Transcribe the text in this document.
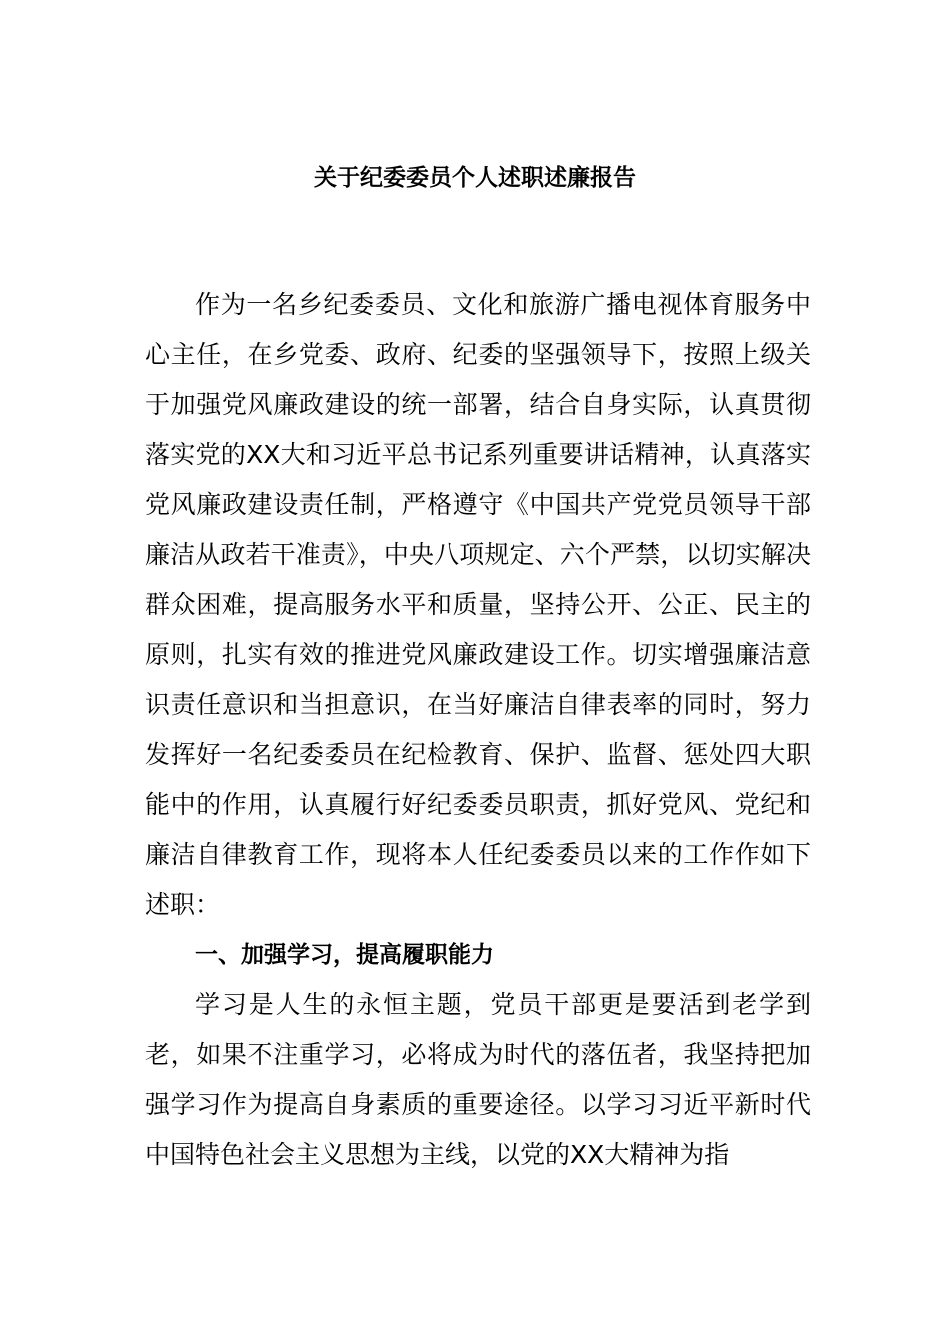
关于纪委委员个人述职述廉报告

作为一名乡纪委委员、文化和旅游广播电视体育服务中心主任，在乡党委、政府、纪委的坚强领导下，按照上级关于加强党风廉政建设的统一部署，结合自身实际，认真贯彻落实党的XX大和习近平总书记系列重要讲话精神，认真落实党风廉政建设责任制，严格遵守《中国共产党党员领导干部廉洁从政若干准责》，中央八项规定、六个严禁，以切实解决群众困难，提高服务水平和质量，坚持公开、公正、民主的原则，扎实有效的推进党风廉政建设工作。切实增强廉洁意识责任意识和当担意识，在当好廉洁自律表率的同时，努力发挥好一名纪委委员在纪检教育、保护、监督、惩处四大职能中的作用，认真履行好纪委委员职责，抓好党风、党纪和廉洁自律教育工作，现将本人任纪委委员以来的工作作如下述职：

一、加强学习，提高履职能力

学习是人生的永恒主题，党员干部更是要活到老学到老，如果不注重学习，必将成为时代的落伍者，我坚持把加强学习作为提高自身素质的重要途径。以学习习近平新时代中国特色社会主义思想为主线，以党的XX大精神为指
